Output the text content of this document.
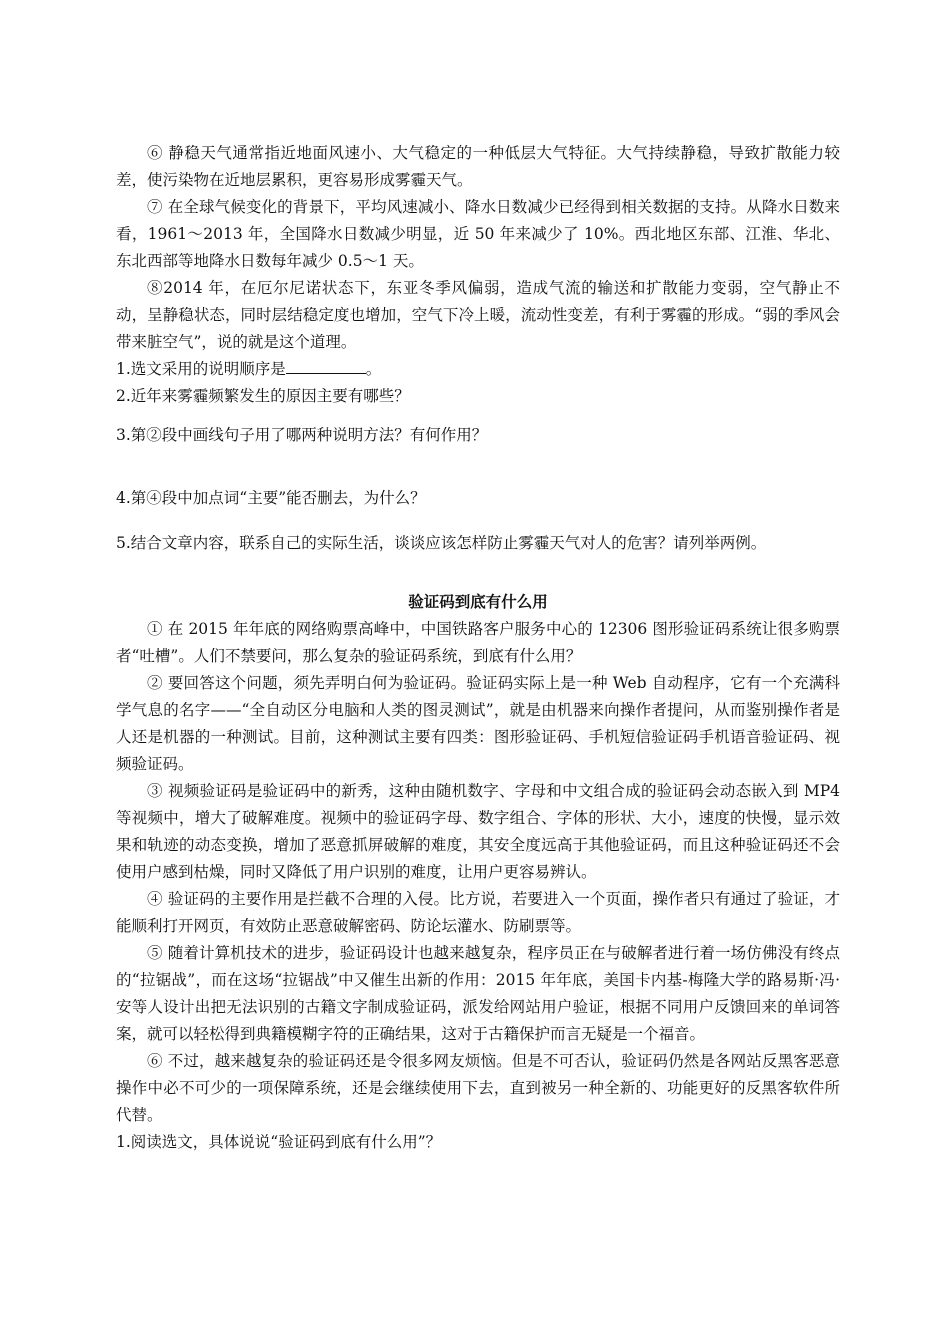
⑥ 静稳天气通常指近地面风速小、大气稳定的一种低层大气特征。大气持续静稳，导致扩散能力较差，使污染物在近地层累积，更容易形成雾霾天气。

⑦ 在全球气候变化的背景下，平均风速减小、降水日数减少已经得到相关数据的支持。从降水日数来看，1961～2013 年，全国降水日数减少明显，近 50 年来减少了 10%。西北地区东部、江淮、华北、东北西部等地降水日数每年减少 0.5～1 天。

⑧2014 年，在厄尔尼诺状态下，东亚冬季风偏弱，造成气流的输送和扩散能力变弱，空气静止不动，呈静稳状态，同时层结稳定度也增加，空气下冷上暖，流动性变差，有利于雾霾的形成。“弱的季风会带来脏空气”，说的就是这个道理。

1.选文采用的说明顺序是	。

2.近年来雾霾频繁发生的原因主要有哪些？

3.第②段中画线句子用了哪两种说明方法？有何作用？

4.第④段中加点词“主要”能否删去，为什么？

5.结合文章内容，联系自己的实际生活，谈谈应该怎样防止雾霾天气对人的危害？请列举两例。

验证码到底有什么用

① 在 2015 年年底的网络购票高峰中，中国铁路客户服务中心的 12306 图形验证码系统让很多购票者“吐槽”。人们不禁要问，那么复杂的验证码系统，到底有什么用？

② 要回答这个问题，须先弄明白何为验证码。验证码实际上是一种 Web 自动程序，它有一个充满科学气息的名字——“全自动区分电脑和人类的图灵测试”，就是由机器来向操作者提问，从而鉴别操作者是人还是机器的一种测试。目前，这种测试主要有四类：图形验证码、手机短信验证码手机语音验证码、视频验证码。

③ 视频验证码是验证码中的新秀，这种由随机数字、字母和中文组合成的验证码会动态嵌入到 MP4 等视频中，增大了破解难度。视频中的验证码字母、数字组合、字体的形状、大小，速度的快慢，显示效果和轨迹的动态变换，增加了恶意抓屏破解的难度，其安全度远高于其他验证码，而且这种验证码还不会使用户感到枯燥，同时又降低了用户识别的难度，让用户更容易辨认。

④ 验证码的主要作用是拦截不合理的入侵。比方说，若要进入一个页面，操作者只有通过了验证，才能顺利打开网页，有效防止恶意破解密码、防论坛灌水、防刷票等。

⑤ 随着计算机技术的进步，验证码设计也越来越复杂，程序员正在与破解者进行着一场仿佛没有终点的“拉锯战”，而在这场“拉锯战”中又催生出新的作用：2015 年年底，美国卡内基-梅隆大学的路易斯·冯·安等人设计出把无法识别的古籍文字制成验证码，派发给网站用户验证，根据不同用户反馈回来的单词答案，就可以轻松得到典籍模糊字符的正确结果，这对于古籍保护而言无疑是一个福音。

⑥ 不过，越来越复杂的验证码还是令很多网友烦恼。但是不可否认，验证码仍然是各网站反黑客恶意操作中必不可少的一项保障系统，还是会继续使用下去，直到被另一种全新的、功能更好的反黑客软件所代替。

1.阅读选文，具体说说“验证码到底有什么用”？
